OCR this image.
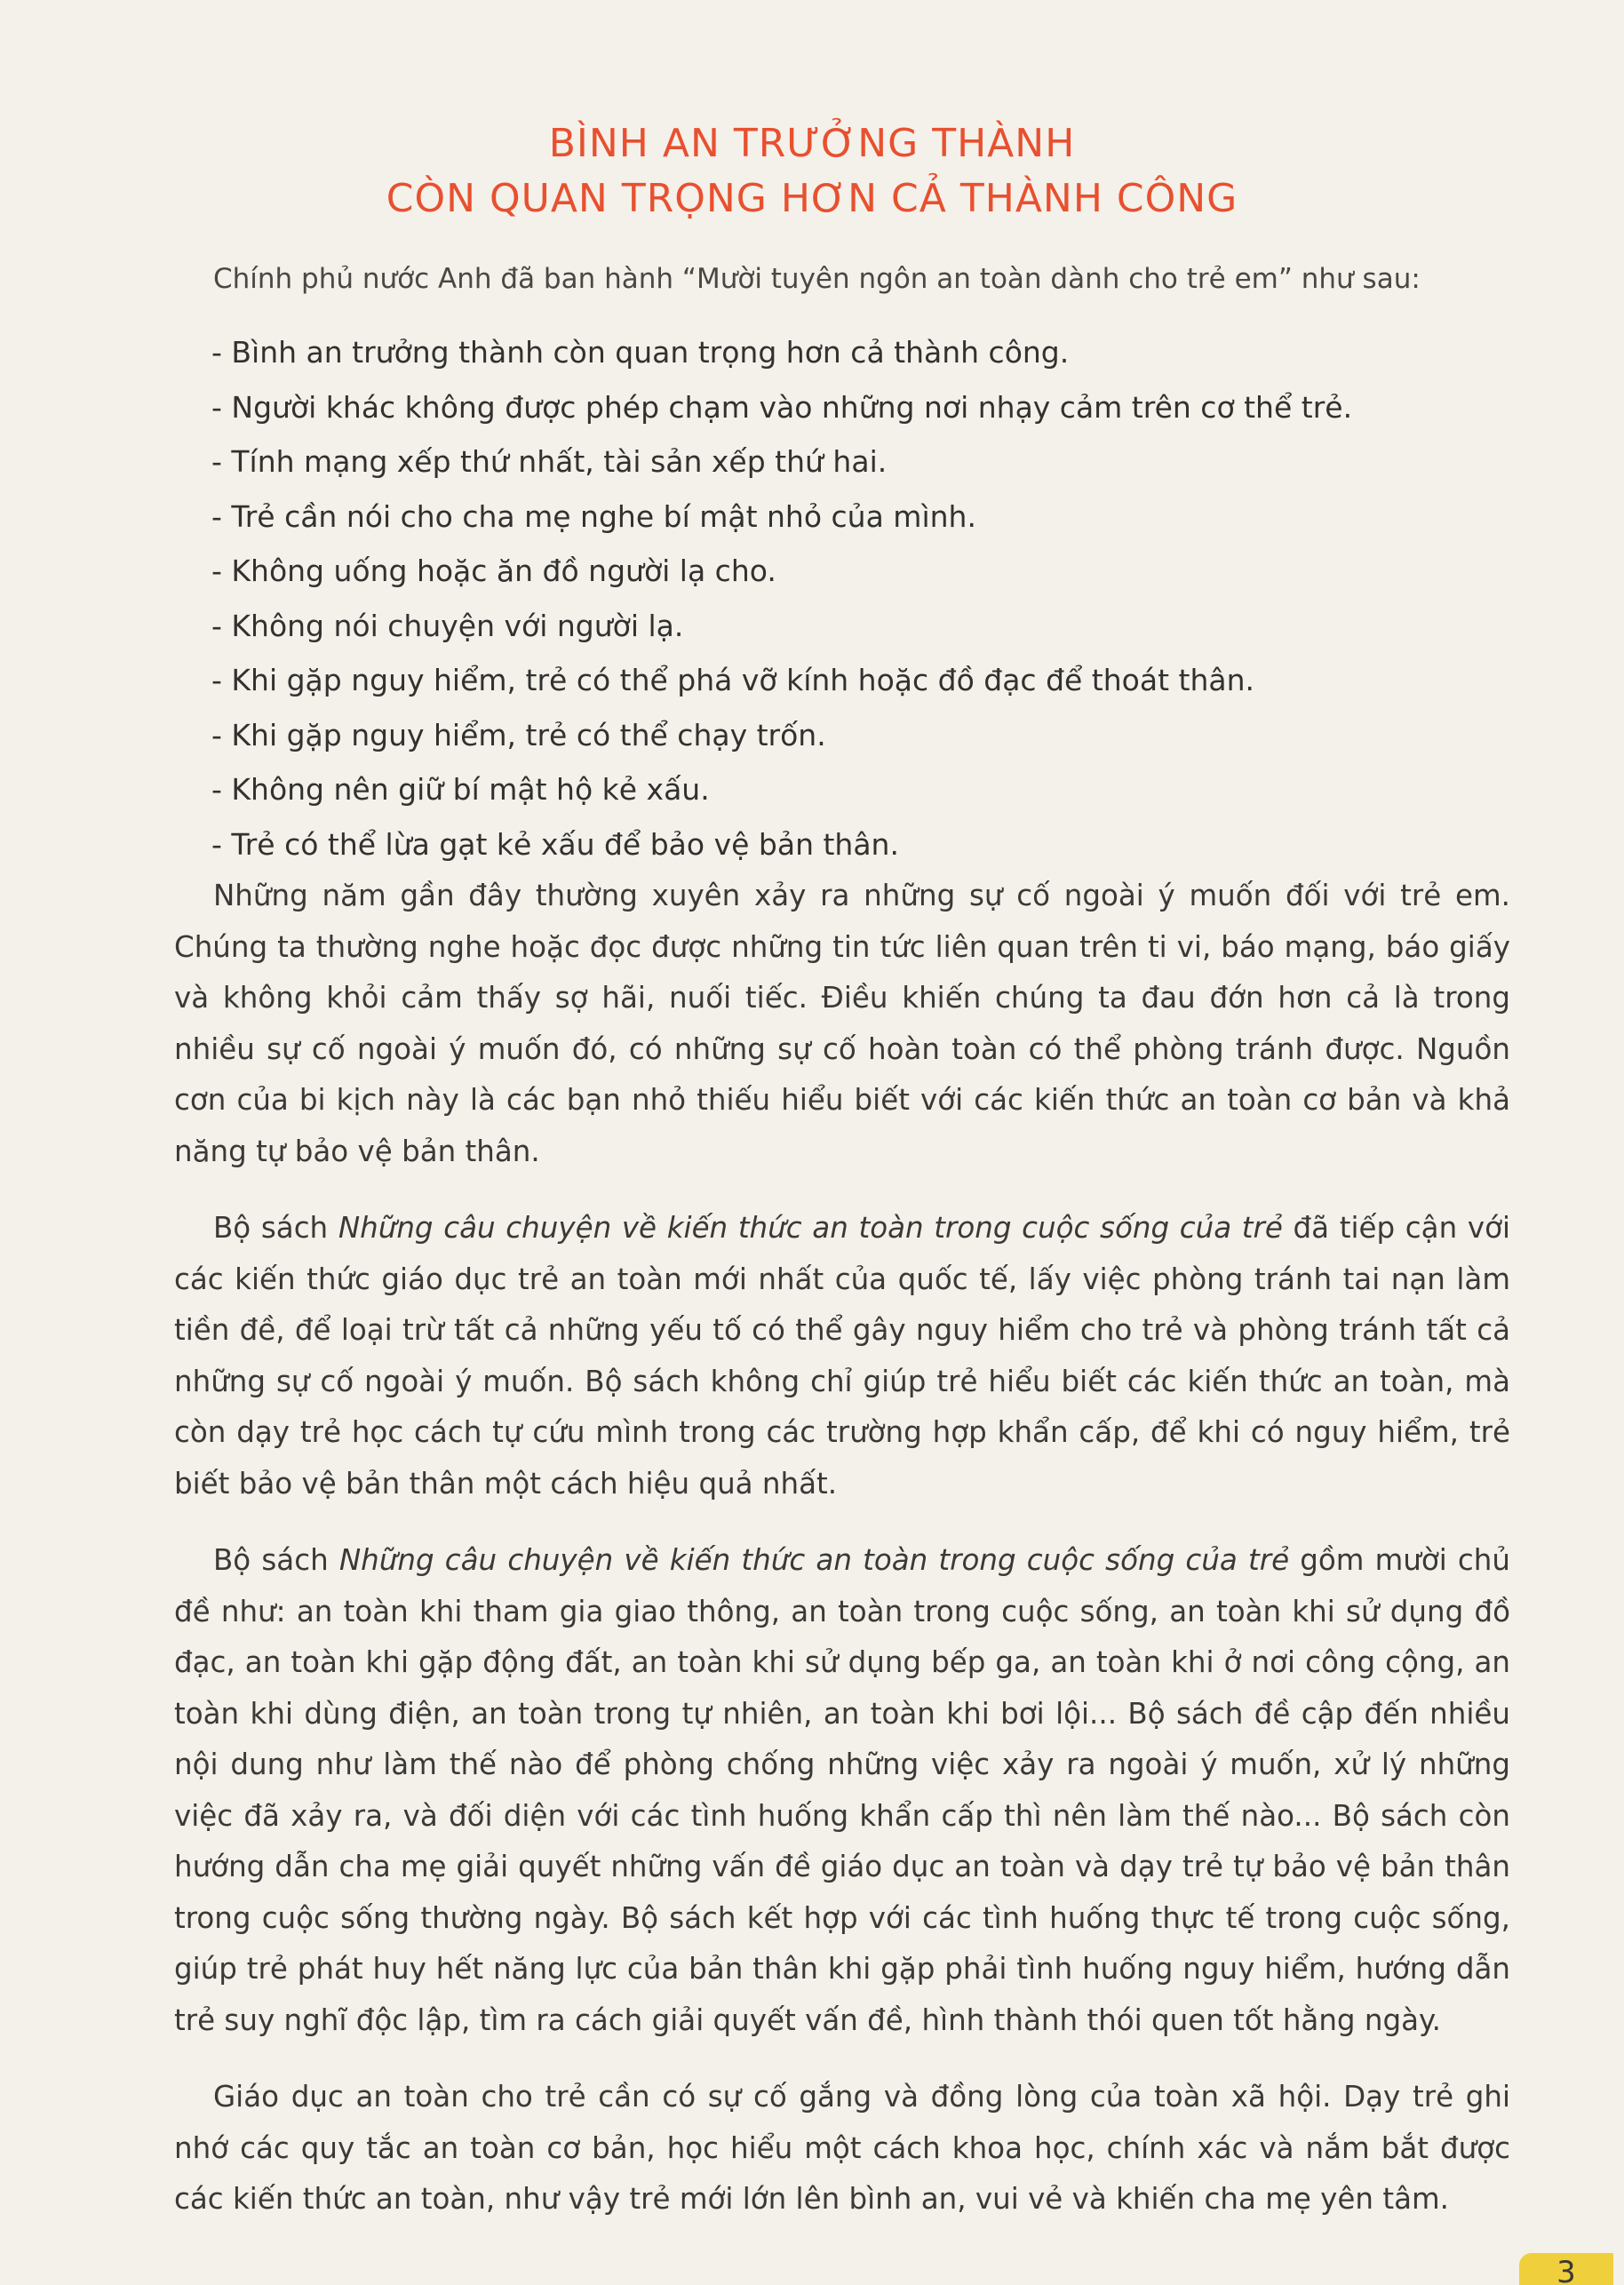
BÌNH AN TRƯỞNG THÀNH
CÒN QUAN TRỌNG HƠN CẢ THÀNH CÔNG

Chính phủ nước Anh đã ban hành “Mười tuyên ngôn an toàn dành cho trẻ em” như sau:

- Bình an trưởng thành còn quan trọng hơn cả thành công.
- Người khác không được phép chạm vào những nơi nhạy cảm trên cơ thể trẻ.
- Tính mạng xếp thứ nhất, tài sản xếp thứ hai.
- Trẻ cần nói cho cha mẹ nghe bí mật nhỏ của mình.
- Không uống hoặc ăn đồ người lạ cho.
- Không nói chuyện với người lạ.
- Khi gặp nguy hiểm, trẻ có thể phá vỡ kính hoặc đồ đạc để thoát thân.
- Khi gặp nguy hiểm, trẻ có thể chạy trốn.
- Không nên giữ bí mật hộ kẻ xấu.
- Trẻ có thể lừa gạt kẻ xấu để bảo vệ bản thân.

Những năm gần đây thường xuyên xảy ra những sự cố ngoài ý muốn đối với trẻ em. Chúng ta thường nghe hoặc đọc được những tin tức liên quan trên ti vi, báo mạng, báo giấy và không khỏi cảm thấy sợ hãi, nuối tiếc. Điều khiến chúng ta đau đớn hơn cả là trong nhiều sự cố ngoài ý muốn đó, có những sự cố hoàn toàn có thể phòng tránh được. Nguồn cơn của bi kịch này là các bạn nhỏ thiếu hiểu biết với các kiến thức an toàn cơ bản và khả năng tự bảo vệ bản thân.

Bộ sách Những câu chuyện về kiến thức an toàn trong cuộc sống của trẻ đã tiếp cận với các kiến thức giáo dục trẻ an toàn mới nhất của quốc tế, lấy việc phòng tránh tai nạn làm tiền đề, để loại trừ tất cả những yếu tố có thể gây nguy hiểm cho trẻ và phòng tránh tất cả những sự cố ngoài ý muốn. Bộ sách không chỉ giúp trẻ hiểu biết các kiến thức an toàn, mà còn dạy trẻ học cách tự cứu mình trong các trường hợp khẩn cấp, để khi có nguy hiểm, trẻ biết bảo vệ bản thân một cách hiệu quả nhất.

Bộ sách Những câu chuyện về kiến thức an toàn trong cuộc sống của trẻ gồm mười chủ đề như: an toàn khi tham gia giao thông, an toàn trong cuộc sống, an toàn khi sử dụng đồ đạc, an toàn khi gặp động đất, an toàn khi sử dụng bếp ga, an toàn khi ở nơi công cộng, an toàn khi dùng điện, an toàn trong tự nhiên, an toàn khi bơi lội... Bộ sách đề cập đến nhiều nội dung như làm thế nào để phòng chống những việc xảy ra ngoài ý muốn, xử lý những việc đã xảy ra, và đối diện với các tình huống khẩn cấp thì nên làm thế nào... Bộ sách còn hướng dẫn cha mẹ giải quyết những vấn đề giáo dục an toàn và dạy trẻ tự bảo vệ bản thân trong cuộc sống thường ngày. Bộ sách kết hợp với các tình huống thực tế trong cuộc sống, giúp trẻ phát huy hết năng lực của bản thân khi gặp phải tình huống nguy hiểm, hướng dẫn trẻ suy nghĩ độc lập, tìm ra cách giải quyết vấn đề, hình thành thói quen tốt hằng ngày.

Giáo dục an toàn cho trẻ cần có sự cố gắng và đồng lòng của toàn xã hội. Dạy trẻ ghi nhớ các quy tắc an toàn cơ bản, học hiểu một cách khoa học, chính xác và nắm bắt được các kiến thức an toàn, như vậy trẻ mới lớn lên bình an, vui vẻ và khiến cha mẹ yên tâm.

3
